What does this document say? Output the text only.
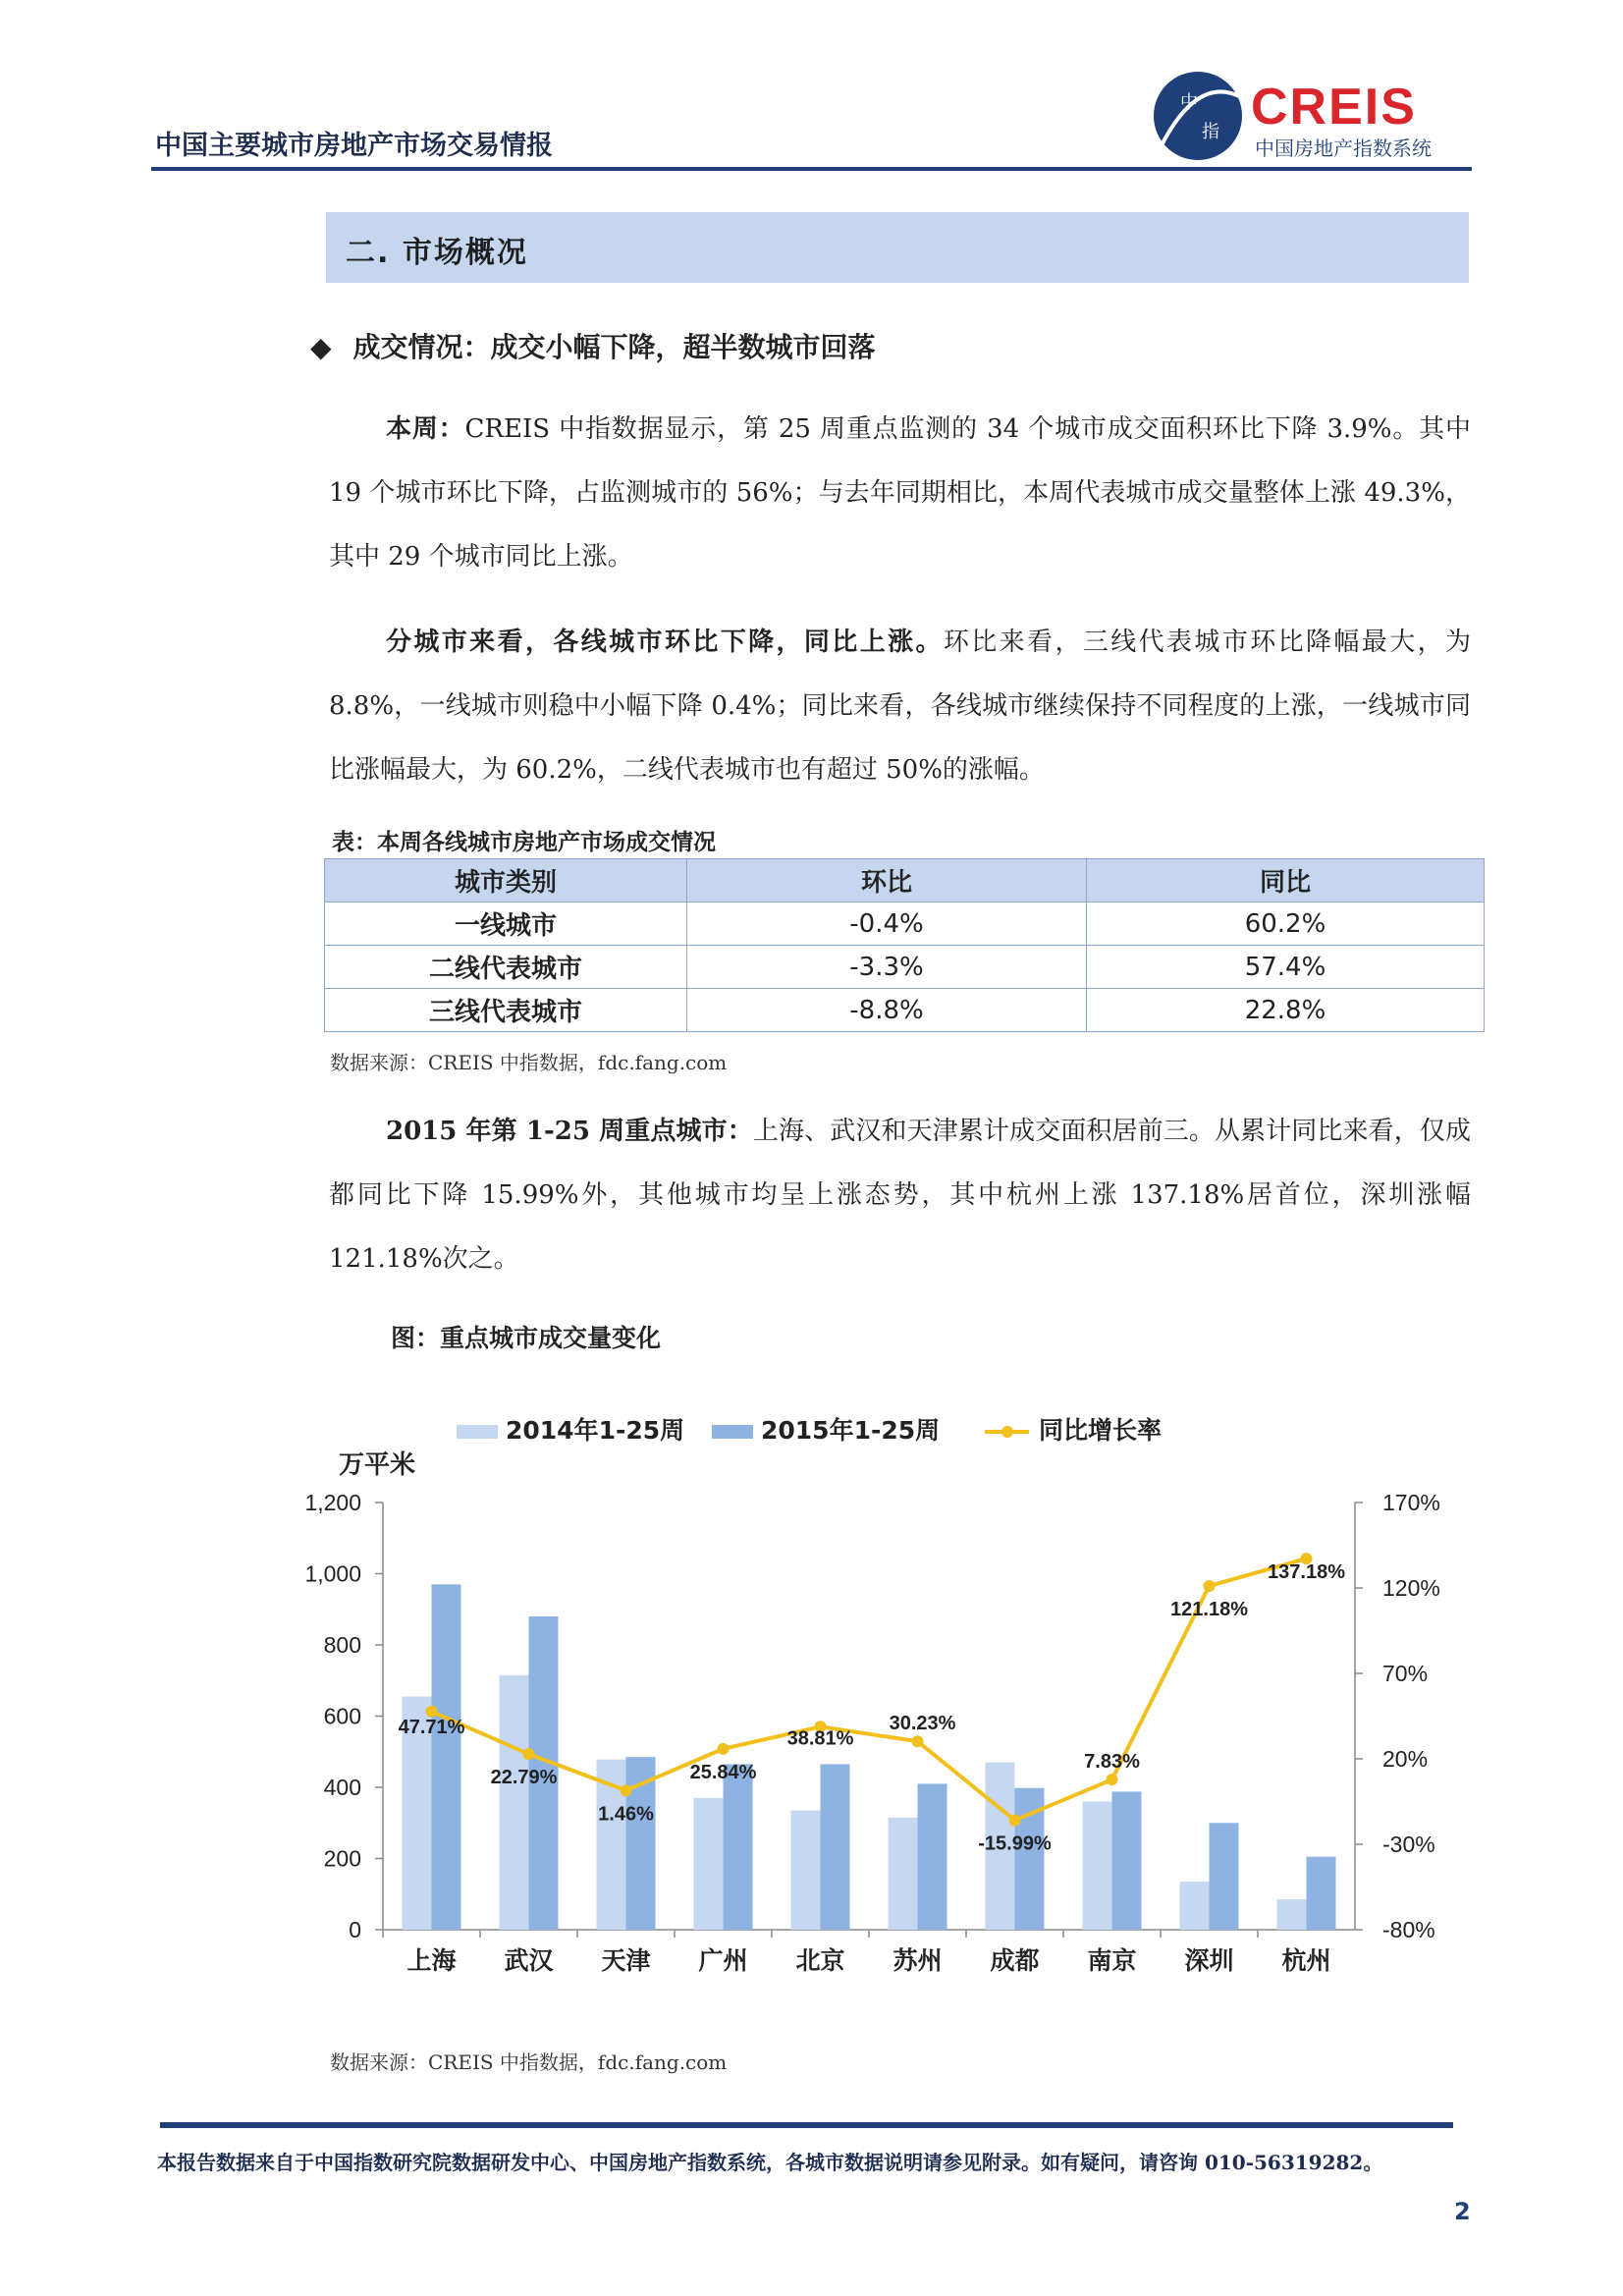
中国主要城市房地产市场交易情报
中
指 CREIS
中国房地产指数系统
二. 市场概况
◆ 成交情况：成交小幅下降，超半数城市回落
本周：CREIS 中指数据显示，第 25 周重点监测的 34 个城市成交面积环比下降 3.9%。其中 19 个城市环比下降，占监测城市的 56%；与去年同期相比，本周代表城市成交量整体上涨 49.3%，其中 29 个城市同比上涨。
分城市来看，各线城市环比下降，同比上涨。环比来看，三线代表城市环比降幅最大，为 8.8%，一线城市则稳中小幅下降 0.4%；同比来看，各线城市继续保持不同程度的上涨，一线城市同比涨幅最大，为 60.2%，二线代表城市也有超过 50%的涨幅。
表：本周各线城市房地产市场成交情况
城市类别	环比	同比
一线城市	-0.4%	60.2%
二线代表城市	-3.3%	57.4%
三线代表城市	-8.8%	22.8%
数据来源：CREIS 中指数据，fdc.fang.com
2015 年第 1-25 周重点城市：上海、武汉和天津累计成交面积居前三。从累计同比来看，仅成都同比下降 15.99%外，其他城市均呈上涨态势，其中杭州上涨 137.18%居首位，深圳涨幅 121.18%次之。
图：重点城市成交量变化
0
200
400
600
800
1,000
1,200
-80%
-30%
20%
70%
120%
170%
万平米
上海 武汉 天津 广州 北京 苏州 成都 南京 深圳 杭州
47.71%
22.79%
1.46%
25.84%
38.81%
30.23%
-15.99%
7.83%
121.18%
137.18%
2014年1-25周	2015年1-25周	同比增长率
数据来源：CREIS 中指数据，fdc.fang.com
本报告数据来自于中国指数研究院数据研发中心、中国房地产指数系统，各城市数据说明请参见附录。如有疑问，请咨询 010-56319282。
2
